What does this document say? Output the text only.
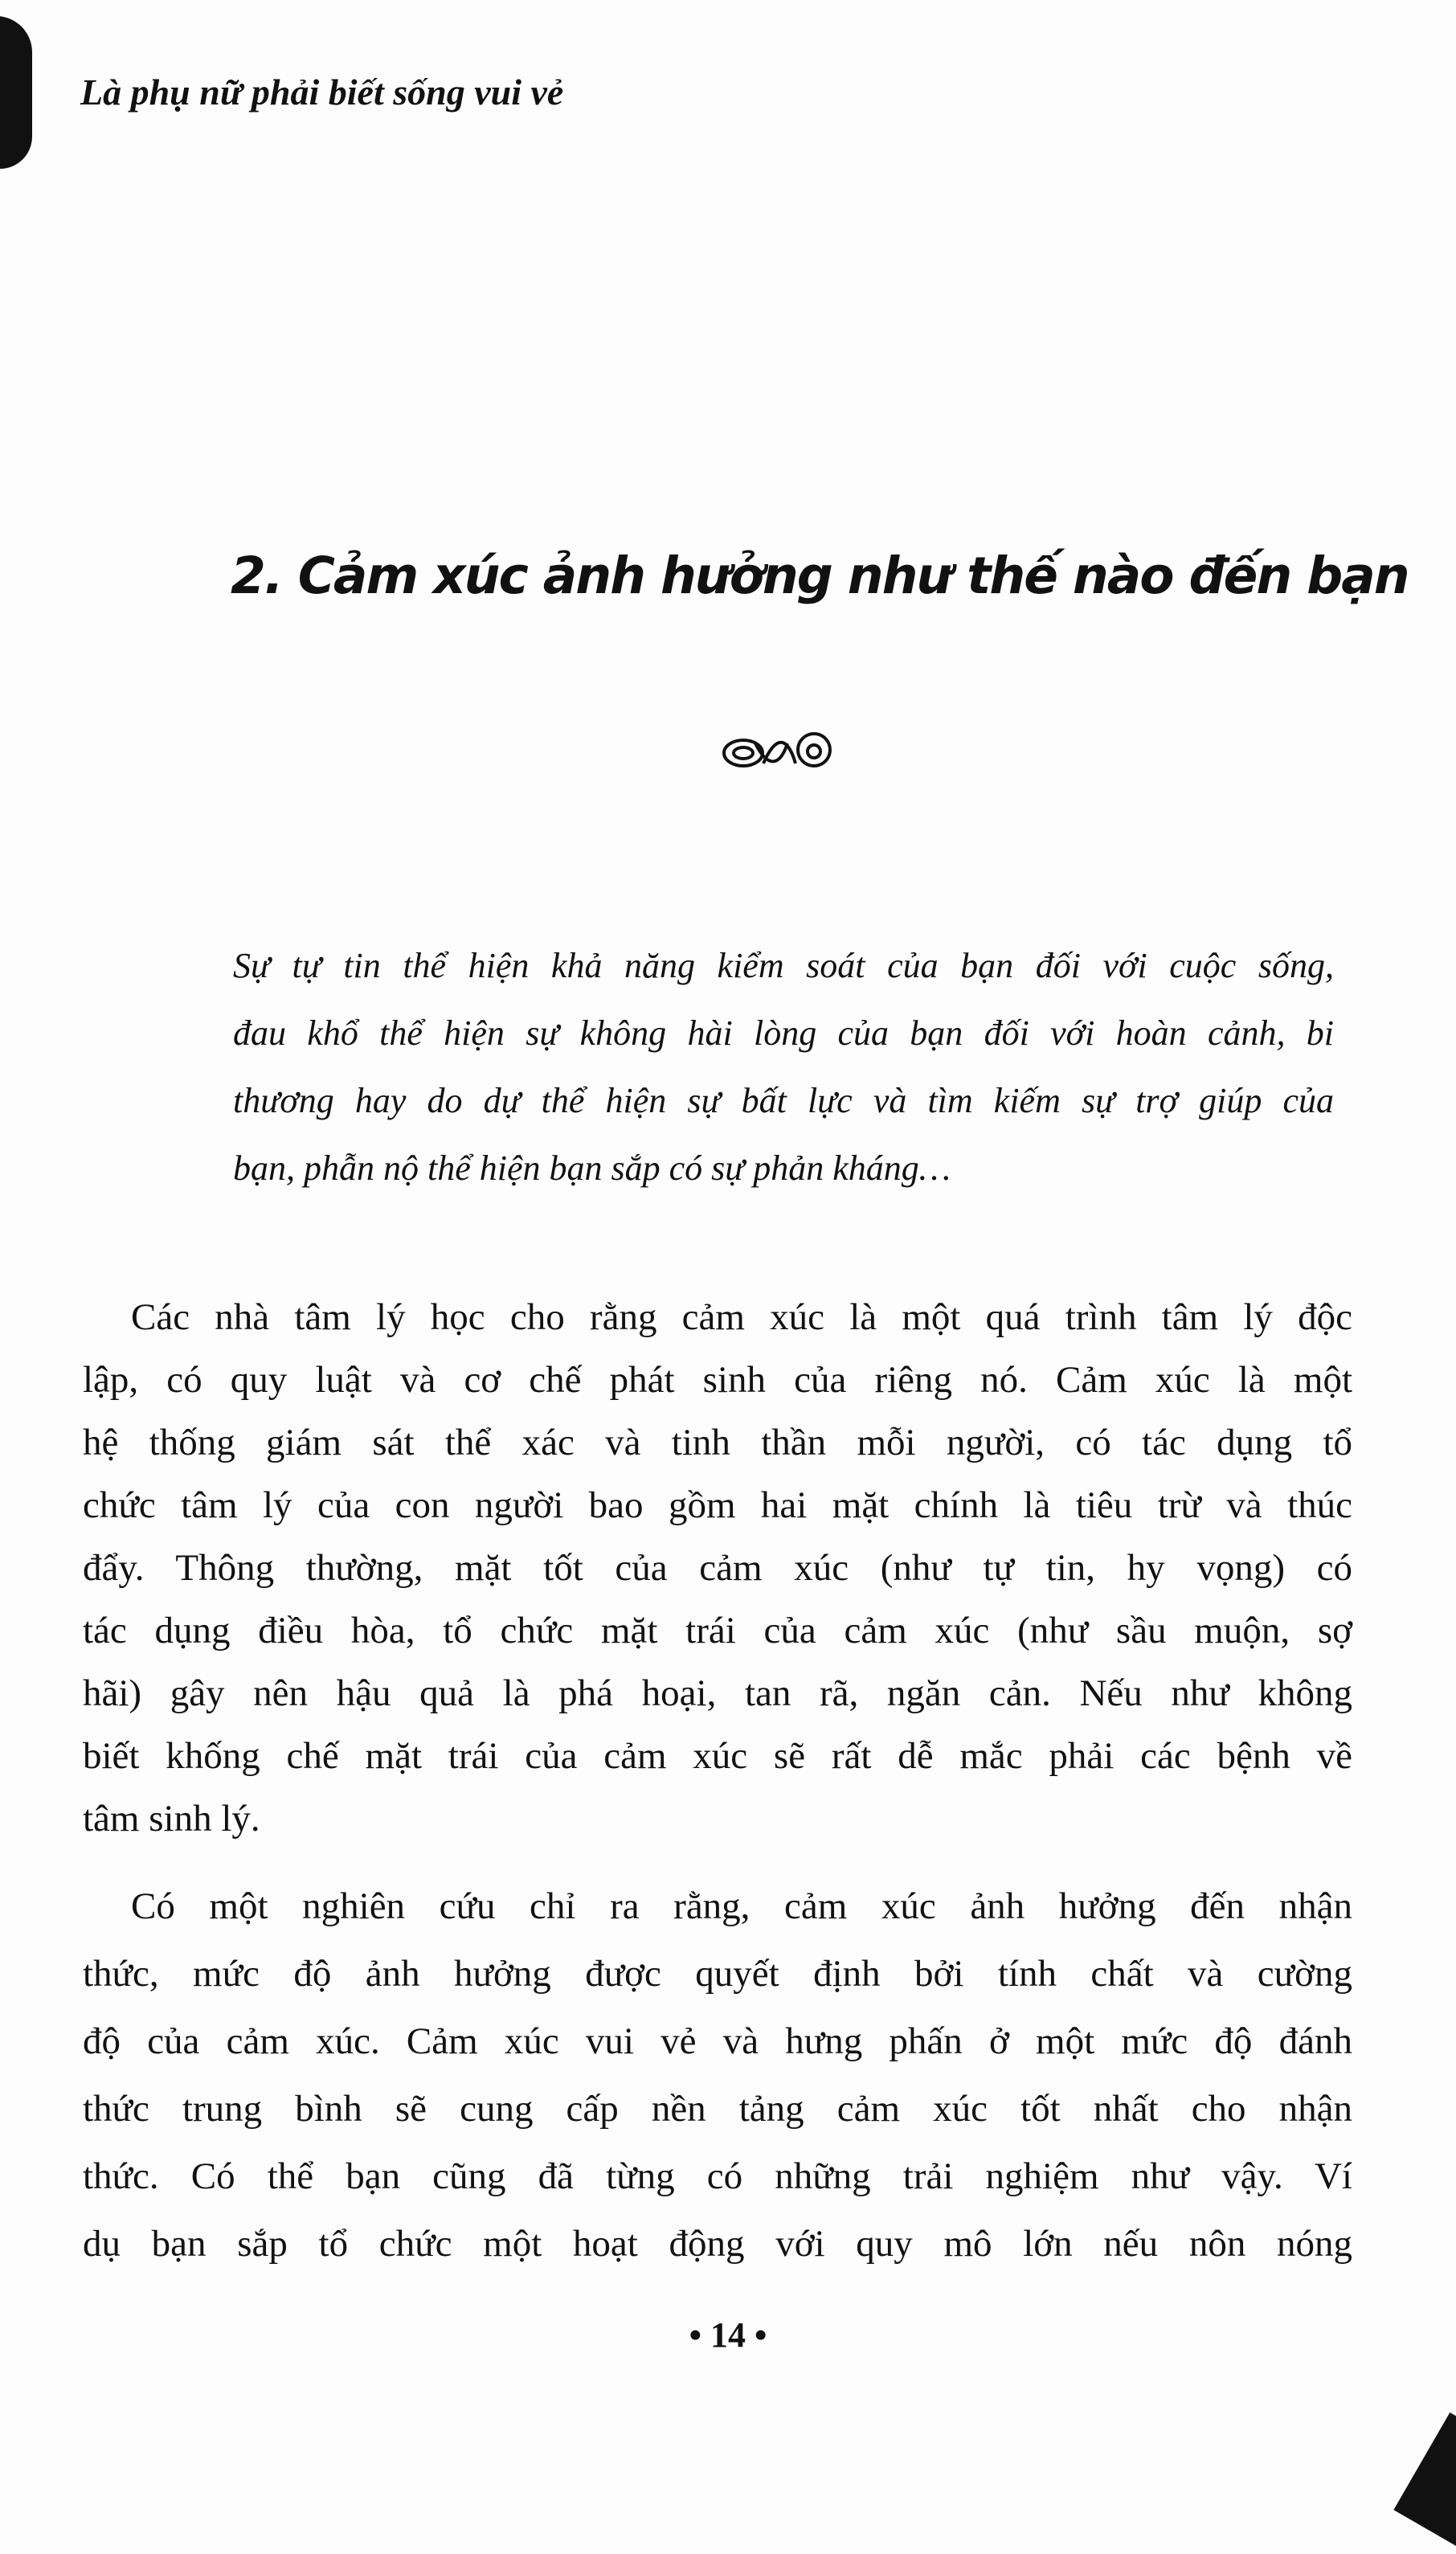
Là phụ nữ phải biết sống vui vẻ
2. Cảm xúc ảnh hưởng như thế nào đến bạn
Sự tự tin thể hiện khả năng kiểm soát của bạn đối với cuộc sống,
đau khổ thể hiện sự không hài lòng của bạn đối với hoàn cảnh, bi
thương hay do dự thể hiện sự bất lực và tìm kiếm sự trợ giúp của
bạn, phẫn nộ thể hiện bạn sắp có sự phản kháng…
Các nhà tâm lý học cho rằng cảm xúc là một quá trình tâm lý độc
lập, có quy luật và cơ chế phát sinh của riêng nó. Cảm xúc là một
hệ thống giám sát thể xác và tinh thần mỗi người, có tác dụng tổ
chức tâm lý của con người bao gồm hai mặt chính là tiêu trừ và thúc
đẩy. Thông thường, mặt tốt của cảm xúc (như tự tin, hy vọng) có
tác dụng điều hòa, tổ chức mặt trái của cảm xúc (như sầu muộn, sợ
hãi) gây nên hậu quả là phá hoại, tan rã, ngăn cản. Nếu như không
biết khống chế mặt trái của cảm xúc sẽ rất dễ mắc phải các bệnh về
tâm sinh lý.
Có một nghiên cứu chỉ ra rằng, cảm xúc ảnh hưởng đến nhận
thức, mức độ ảnh hưởng được quyết định bởi tính chất và cường
độ của cảm xúc. Cảm xúc vui vẻ và hưng phấn ở một mức độ đánh
thức trung bình sẽ cung cấp nền tảng cảm xúc tốt nhất cho nhận
thức. Có thể bạn cũng đã từng có những trải nghiệm như vậy. Ví
dụ bạn sắp tổ chức một hoạt động với quy mô lớn nếu nôn nóng
• 14 •
